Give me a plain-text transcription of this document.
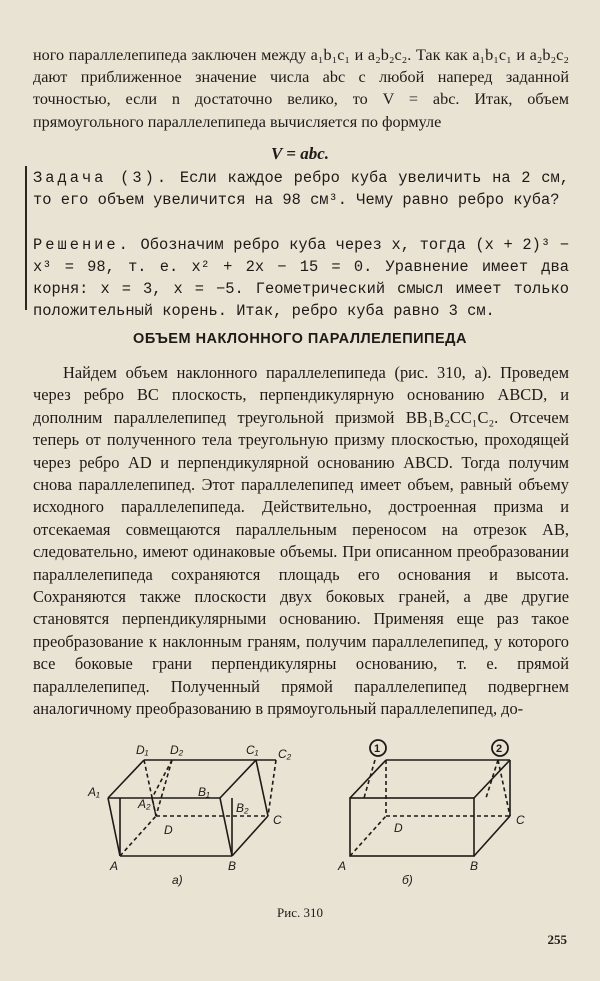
ного параллелепипеда заключен между a₁b₁c₁ и a₂b₂c₂. Так как a₁b₁c₁ и a₂b₂c₂ дают приближенное значение числа abc с любой наперед заданной точностью, если n достаточно велико, то V = abc. Итак, объем прямоугольного параллелепипеда вычисляется по формуле

V = abc.

Задача (3). Если каждое ребро куба увеличить на 2 см, то его объем увеличится на 98 см³. Чему равно ребро куба?

Решение. Обозначим ребро куба через x, тогда (x + 2)³ − x³ = 98, т. е. x² + 2x − 15 = 0. Уравнение имеет два корня: x = 3, x = −5. Геометрический смысл имеет только положительный корень. Итак, ребро куба равно 3 см.

ОБЪЕМ НАКЛОННОГО ПАРАЛЛЕЛЕПИПЕДА

Найдем объем наклонного параллелепипеда (рис. 310, а). Проведем через ребро BC плоскость, перпендикулярную основанию ABCD, и дополним параллелепипед треугольной призмой BB₁B₂CC₁C₂. Отсечем теперь от полученного тела треугольную призму плоскостью, проходящей через ребро AD и перпендикулярной основанию ABCD. Тогда получим снова параллелепипед. Этот параллелепипед имеет объем, равный объему исходного параллелепипеда. Действительно, достроенная призма и отсекаемая совмещаются параллельным переносом на отрезок AB, следовательно, имеют одинаковые объемы. При описанном преобразовании параллелепипеда сохраняются площадь его основания и высота. Сохраняются также плоскости двух боковых граней, а две другие становятся перпендикулярными основанию. Применяя еще раз такое преобразование к наклонным граням, получим параллелепипед, у которого все боковые грани перпендикулярны основанию, т. е. прямой параллелепипед. Полученный прямой параллелепипед подвергнем аналогичному преобразованию в прямоугольный параллелепипед, до-

D₁ D₂	C₁ C₂
A₁
A₂
B₁
B₂
D
C
A	B
а)
1	2
D
C
A	B
б)
Рис. 310
255
